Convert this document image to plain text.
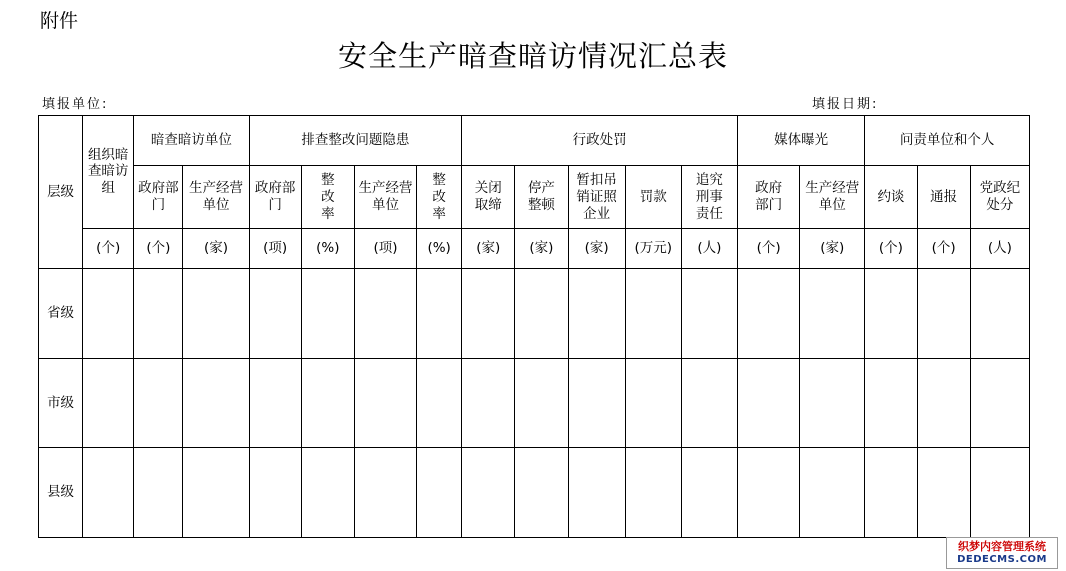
附件
安全生产暗查暗访情况汇总表
填报单位:	填报日期:
层级	组织暗查暗访组	暗查暗访单位		排查整改问题隐患				行政处罚					媒体曝光		问责单位和个人		
		政府部门	生产经营单位	政府部门	整改率	生产经营单位	整改率	关闭取缔	停产整顿	暂扣吊销证照企业	罚款	追究刑事责任	政府部门	生产经营单位	约谈	通报	党政纪处分
	(个)	(个)	(家)	(项)	(%)	(项)	(%)	(家)	(家)	(家)	(万元)	(人)	(个)	(家)	(个)	(个)	(人)
省级																	
市级																	
县级																	
织梦内容管理系统
DEDECMS.COM
